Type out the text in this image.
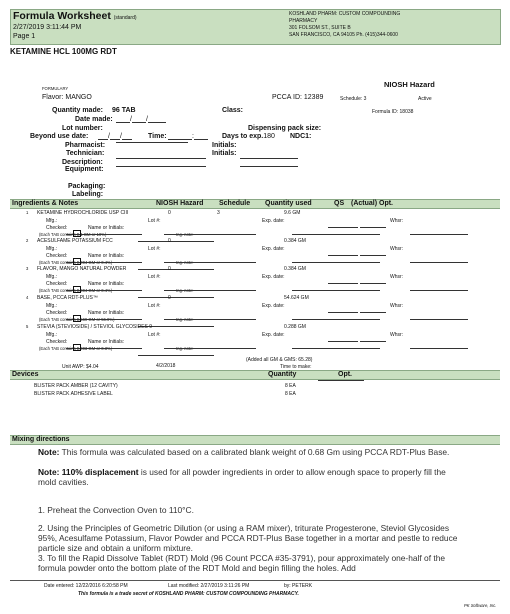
Formula Worksheet (standard)
2/27/2019 3:11:44 PM
Page 1
KOSHLAND PHARM: CUSTOM COMPOUNDING
PHARMACY
301 FOLSOM ST., SUITE B
SAN FRANCISCO, CA 94105 Ph. (415)344-0600
KETAMINE HCL 100MG RDT
NIOSH Hazard
FORMULARY
Flavor: MANGO	PCCA ID: 12389	Schedule: 3	Active
Quantity made: 96 TAB	Class:	Formula ID: 18038
Date made:	/ /
Lot number:	Dispensing pack size:
Beyond use date:	/ /	Time:	:	Days to exp.180 NDC1:
Pharmacist:	Initials:
Technician:	Initials:
Description:
Equipment:
Packaging:
Labeling:
Ingredients & Notes	NIOSH Hazard Schedule Quantity used	QS (Actual) Opt.
1 KETAMINE HYDROCHLORIDE USP CIII	0	3	9.6 GM
Mfg.:	Lot #:	Exp. date:	Whsr:
Checked:	Name or Initials:
(Each TAB contains 0.1 GM or 10%)	Ing. note:
2 ACESULFAME POTASSIUM FCC	0	0.384 GM
Mfg.:	Lot #:	Exp. date:	Whsr:
Checked:	Name or Initials:
(Each TAB contains 0.004 GM or 0.4%)	Ing. note:
3 FLAVOR, MANGO NATURAL POWDER	0	0.384 GM
Mfg.:	Lot #:	Exp. date:	Whsr:
Checked:	Name or Initials:
(Each TAB contains 0.004 GM or 0.4%)	Ing. note:
4 BASE, PCCA RDT-PLUS™	0	54.624 GM
Mfg.:	Lot #:	Exp. date:	Whsr:
Checked:	Name or Initials:
(Each TAB contains 0.569 GM or 56.9%)	Ing. note:
5 STEVIA (STEVIOSIDE) / STEVIOL GLYCOSIDES 9	0.288 GM
Mfg.:	Lot #:	Exp. date:	Whsr:
Checked:	Name or Initials:
(Each TAB contains 0.003 GM or 0.3%)	Ing. note:
(Added all GM & GMS: 65.28)
Time to make:
Unit AWP: $4.04	4/2/2018
Devices	Quantity	Opt.
BLISTER PACK AMBER (12 CAVITY)	8 EA
BLISTER PACK ADHESIVE LABEL	8 EA
Mixing directions
Note: This formula was calculated based on a calibrated blank weight of 0.68 Gm using PCCA RDT-Plus Base.
Note: 110% displacement is used for all powder ingredients in order to allow enough space to properly fill the mold cavities.
1. Preheat the Convection Oven to 110°C.
2. Using the Principles of Geometric Dilution (or using a RAM mixer), triturate Progesterone, Steviol Glycosides 95%, Acesulfame Potassium, Flavor Powder and PCCA RDT-Plus Base together in a mortar and pestle to reduce particle size and obtain a uniform mixture.
3. To fill the Rapid Dissolve Tablet (RDT) Mold (96 Count PCCA #35-3791), pour approximately one-half of the formula powder onto the bottom plate of the RDT Mold and begin filling the holes. Add
Date entered: 12/22/2016 6:20:58 PM	Last modified: 2/27/2019 3:11:26 PM	by: PETERK
This formula is a trade secret of KOSHLAND PHARM: CUSTOM COMPOUNDING PHARMACY.
PK Software, Inc.
